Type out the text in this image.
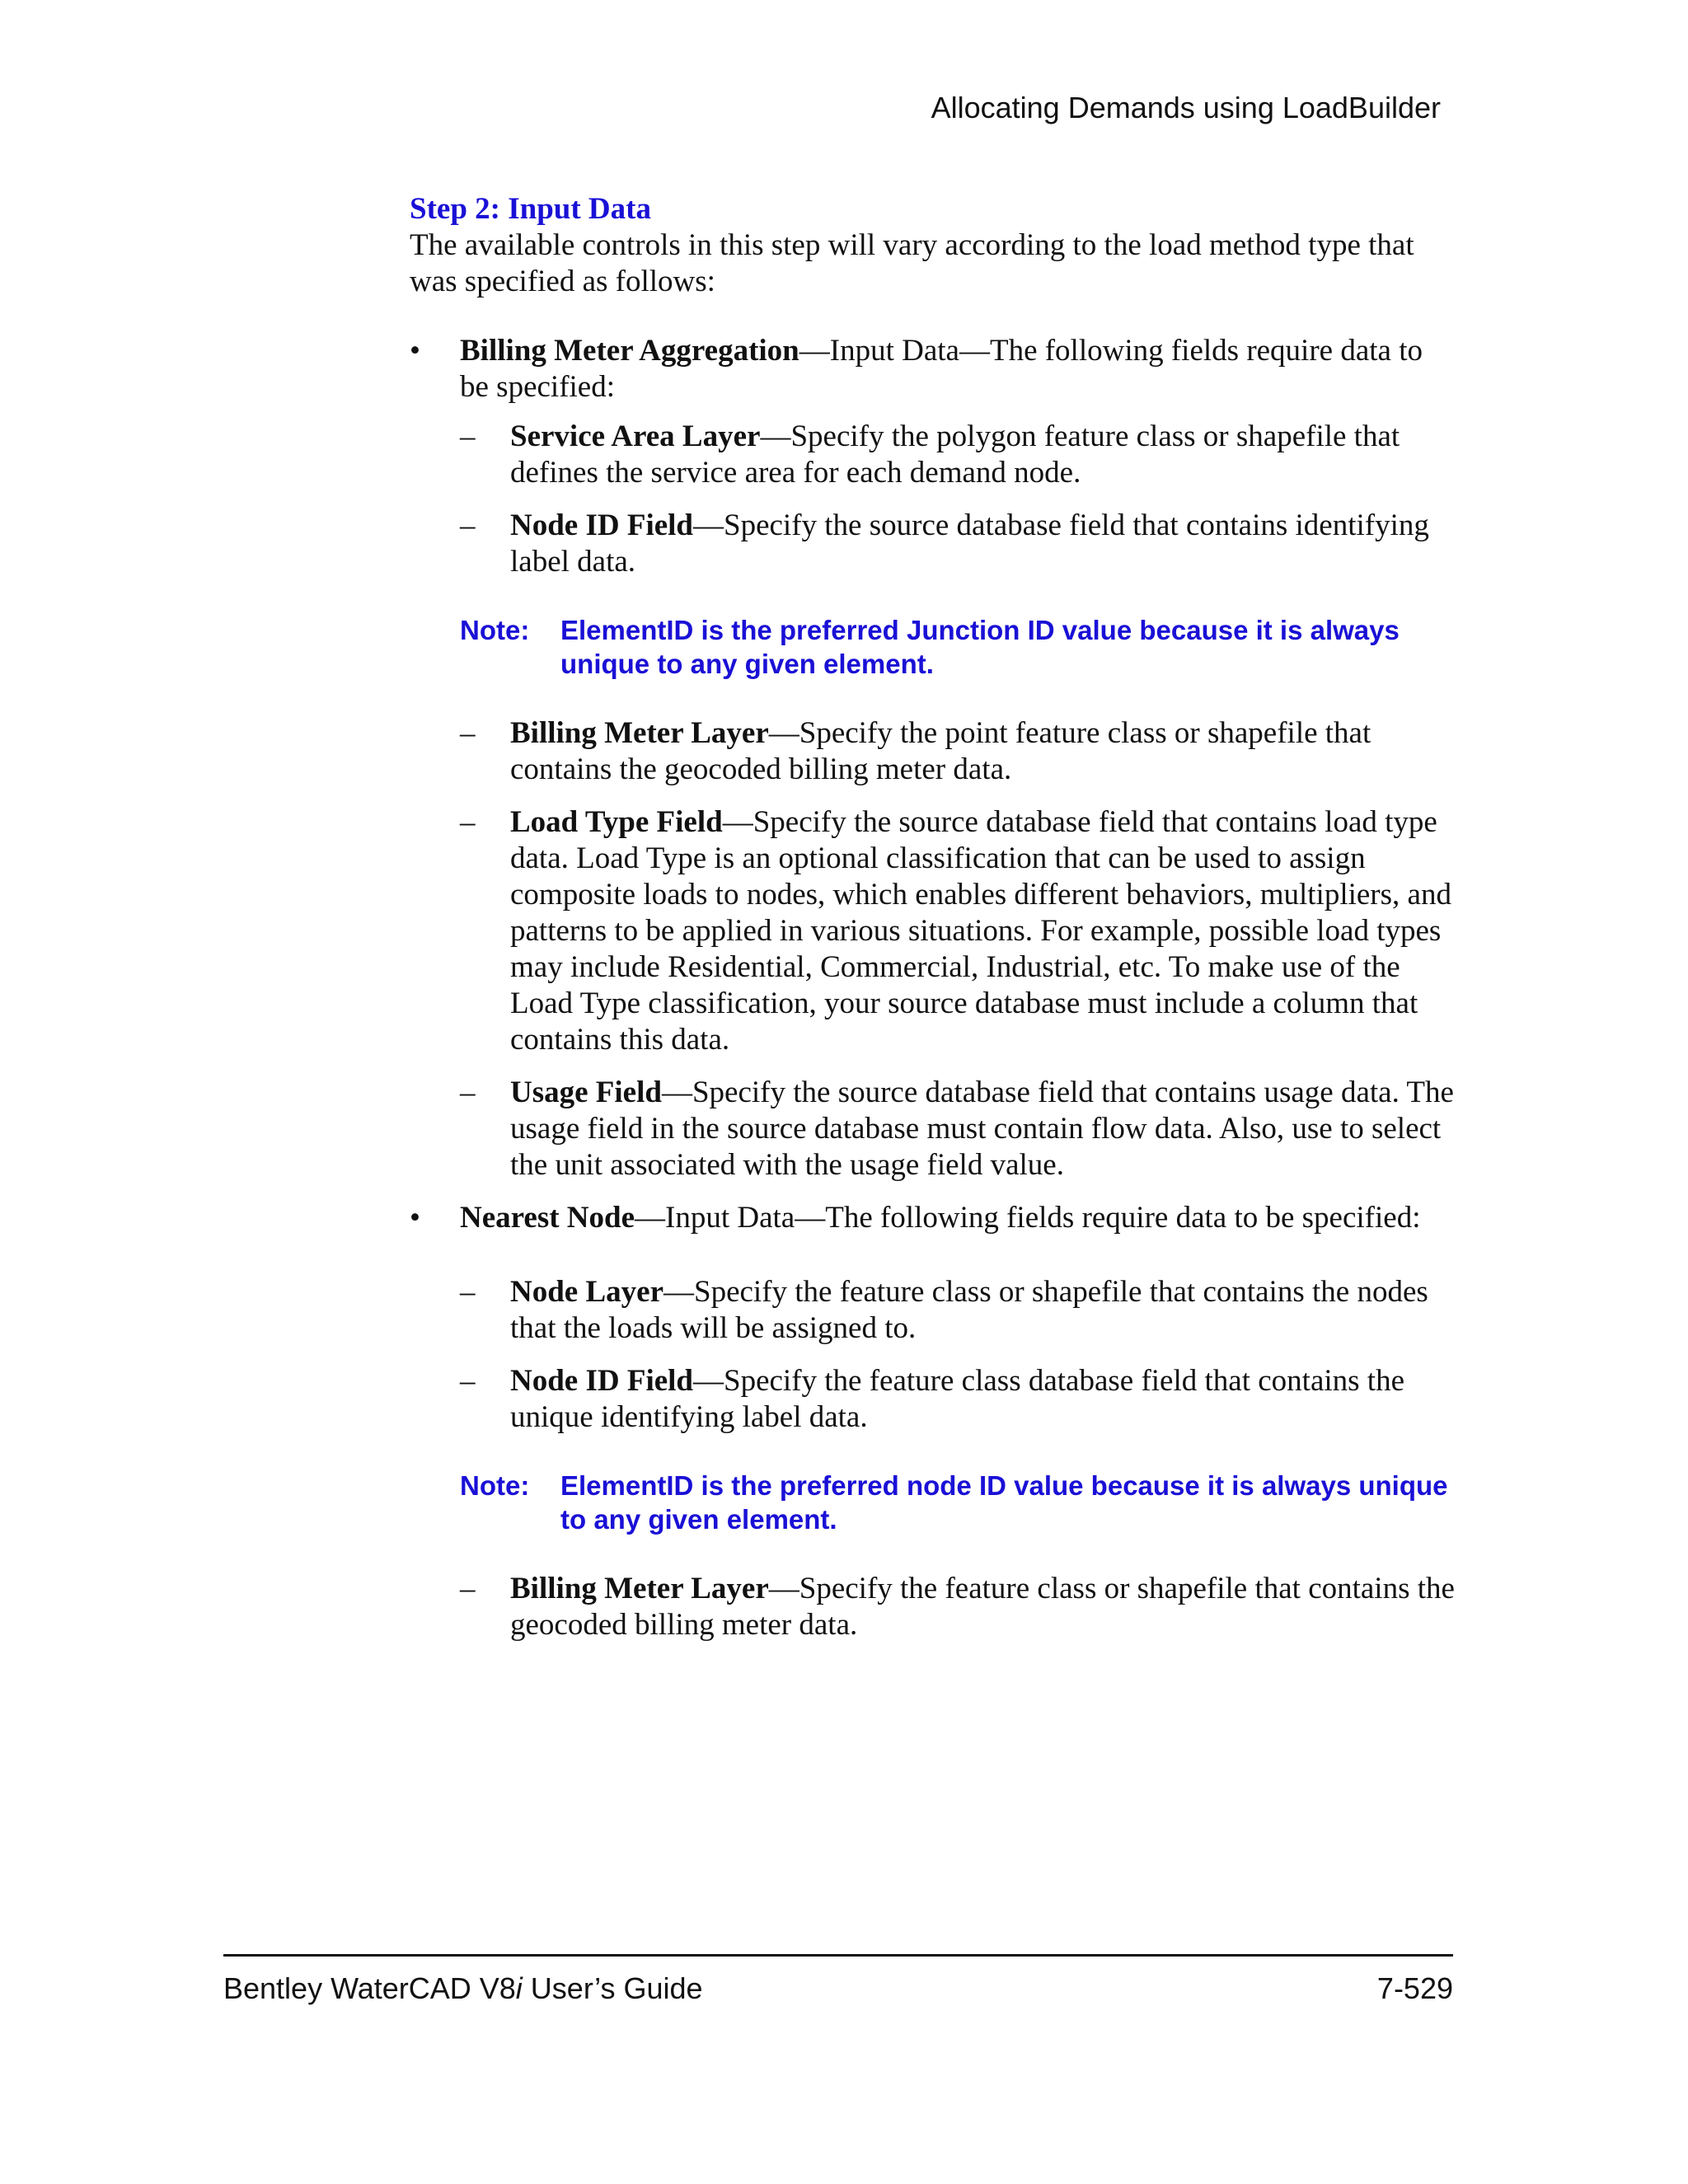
Allocating Demands using LoadBuilder

Step 2: Input Data

The available controls in this step will vary according to the load method type that was specified as follows:

• Billing Meter Aggregation—Input Data—The following fields require data to be specified:
– Service Area Layer—Specify the polygon feature class or shapefile that defines the service area for each demand node.
– Node ID Field—Specify the source database field that contains identifying label data.
Note: ElementID is the preferred Junction ID value because it is always unique to any given element.
– Billing Meter Layer—Specify the point feature class or shapefile that contains the geocoded billing meter data.
– Load Type Field—Specify the source database field that contains load type data. Load Type is an optional classification that can be used to assign composite loads to nodes, which enables different behaviors, multipliers, and patterns to be applied in various situations. For example, possible load types may include Residential, Commercial, Industrial, etc. To make use of the Load Type classification, your source database must include a column that contains this data.
– Usage Field—Specify the source database field that contains usage data. The usage field in the source database must contain flow data. Also, use to select the unit associated with the usage field value.
• Nearest Node—Input Data—The following fields require data to be specified:
– Node Layer—Specify the feature class or shapefile that contains the nodes that the loads will be assigned to.
– Node ID Field—Specify the feature class database field that contains the unique identifying label data.
Note: ElementID is the preferred node ID value because it is always unique to any given element.
– Billing Meter Layer—Specify the feature class or shapefile that contains the geocoded billing meter data.
Bentley WaterCAD V8i User’s Guide	7-529
